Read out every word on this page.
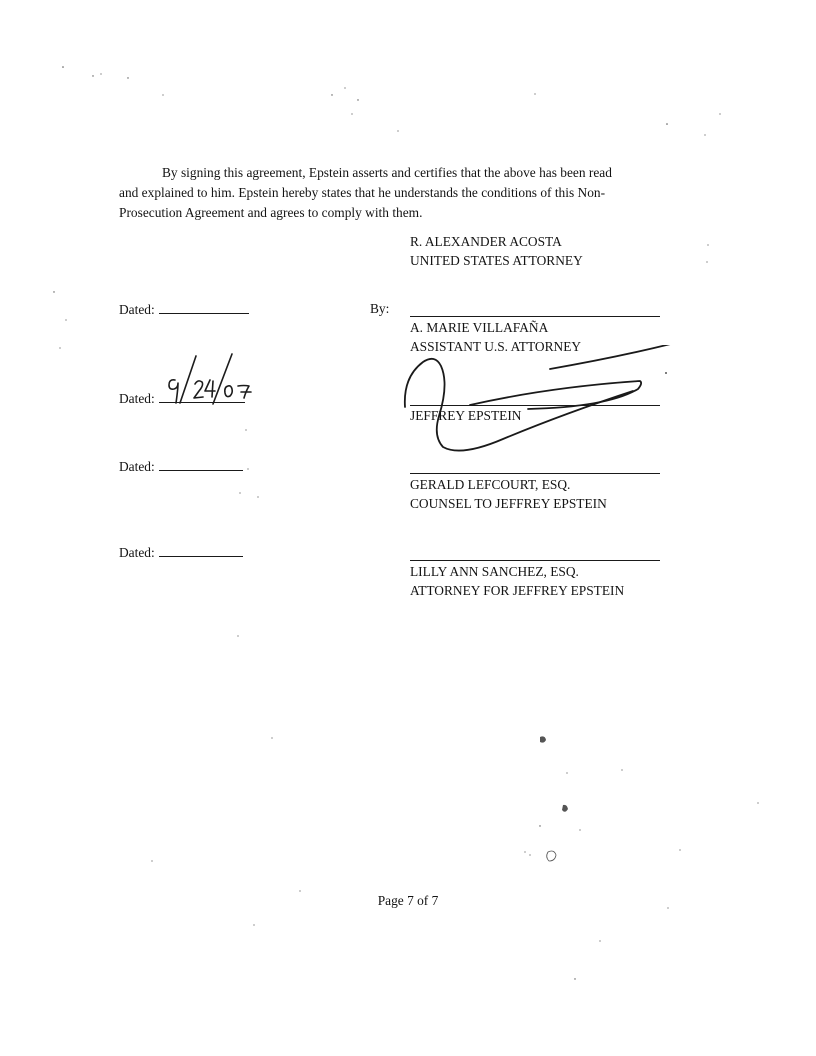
By signing this agreement, Epstein asserts and certifies that the above has been read
and explained to him. Epstein hereby states that he understands the conditions of this Non-
Prosecution Agreement and agrees to comply with them.
R. ALEXANDER ACOSTA
UNITED STATES ATTORNEY
Dated:	By:
A. MARIE VILLAFAÑA
ASSISTANT U.S. ATTORNEY
Dated:
JEFFREY EPSTEIN
Dated:
GERALD LEFCOURT, ESQ.
COUNSEL TO JEFFREY EPSTEIN
Dated:
LILLY ANN SANCHEZ, ESQ.
ATTORNEY FOR JEFFREY EPSTEIN
Page 7 of 7
